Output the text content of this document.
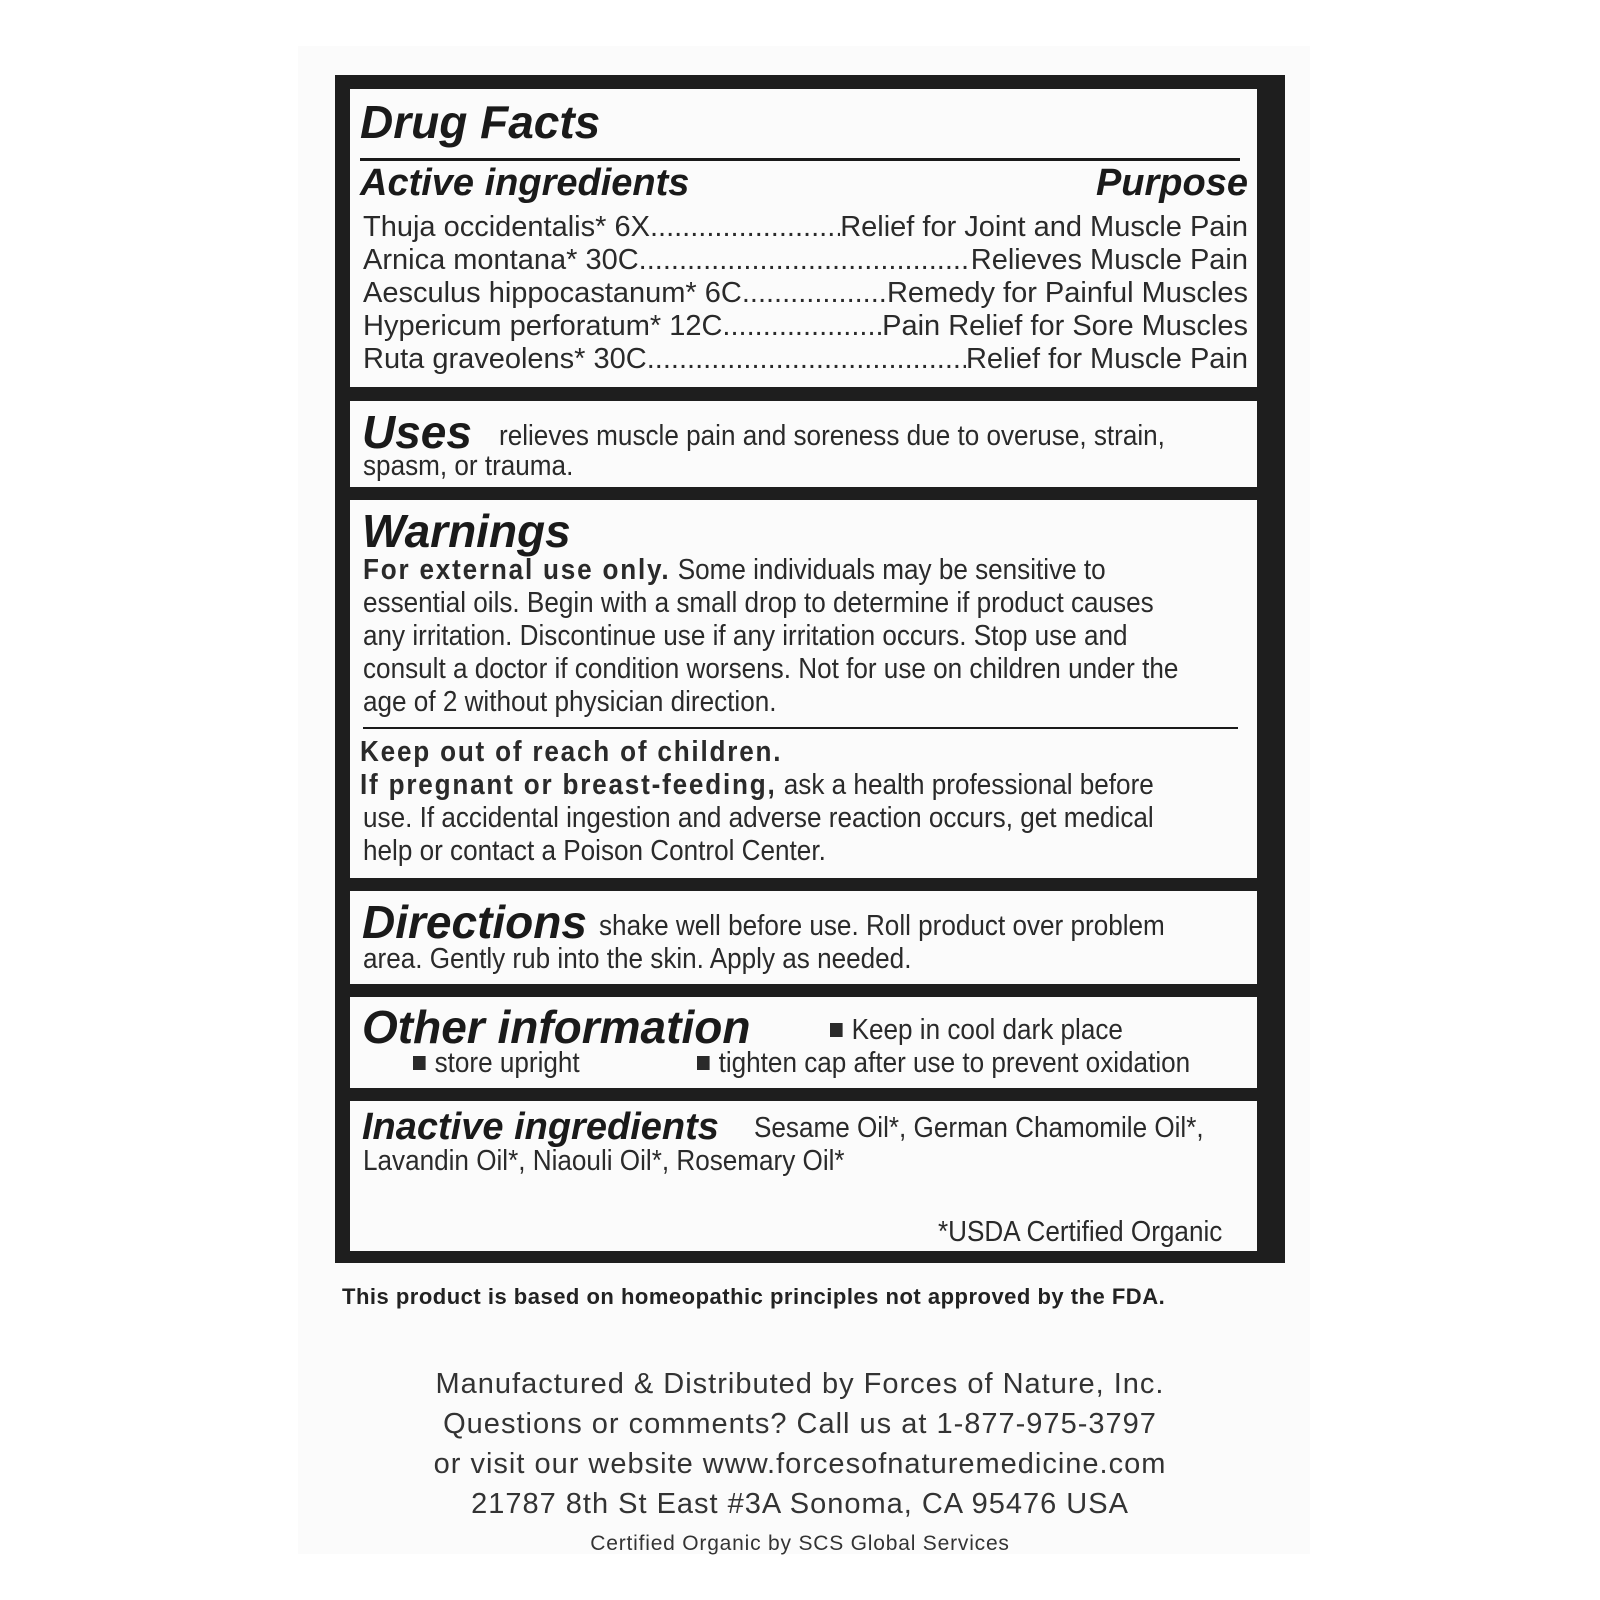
Drug Facts
Active ingredients	Purpose
Thuja occidentalis* 6X .....	Relief for Joint and Muscle Pain
Arnica montana* 30C .....	Relieves Muscle Pain
Aesculus hippocastanum* 6C .....	Remedy for Painful Muscles
Hypericum perforatum* 12C .....	Pain Relief for Sore Muscles
Ruta graveolens* 30C .....	Relief for Muscle Pain
Uses relieves muscle pain and soreness due to overuse, strain,
spasm, or trauma.
Warnings
For external use only. Some individuals may be sensitive to
essential oils. Begin with a small drop to determine if product causes
any irritation. Discontinue use if any irritation occurs. Stop use and
consult a doctor if condition worsens. Not for use on children under the
age of 2 without physician direction.
Keep out of reach of children.
If pregnant or breast-feeding, ask a health professional before
use. If accidental ingestion and adverse reaction occurs, get medical
help or contact a Poison Control Center.
Directions shake well before use. Roll product over problem
area. Gently rub into the skin. Apply as needed.
Other information	Keep in cool dark place
store upright	tighten cap after use to prevent oxidation
Inactive ingredients Sesame Oil*, German Chamomile Oil*,
Lavandin Oil*, Niaouli Oil*, Rosemary Oil*
*USDA Certified Organic
This product is based on homeopathic principles not approved by the FDA.
Manufactured & Distributed by Forces of Nature, Inc.
Questions or comments? Call us at 1-877-975-3797
or visit our website www.forcesofnaturemedicine.com
21787 8th St East #3A Sonoma, CA 95476 USA
Certified Organic by SCS Global Services
